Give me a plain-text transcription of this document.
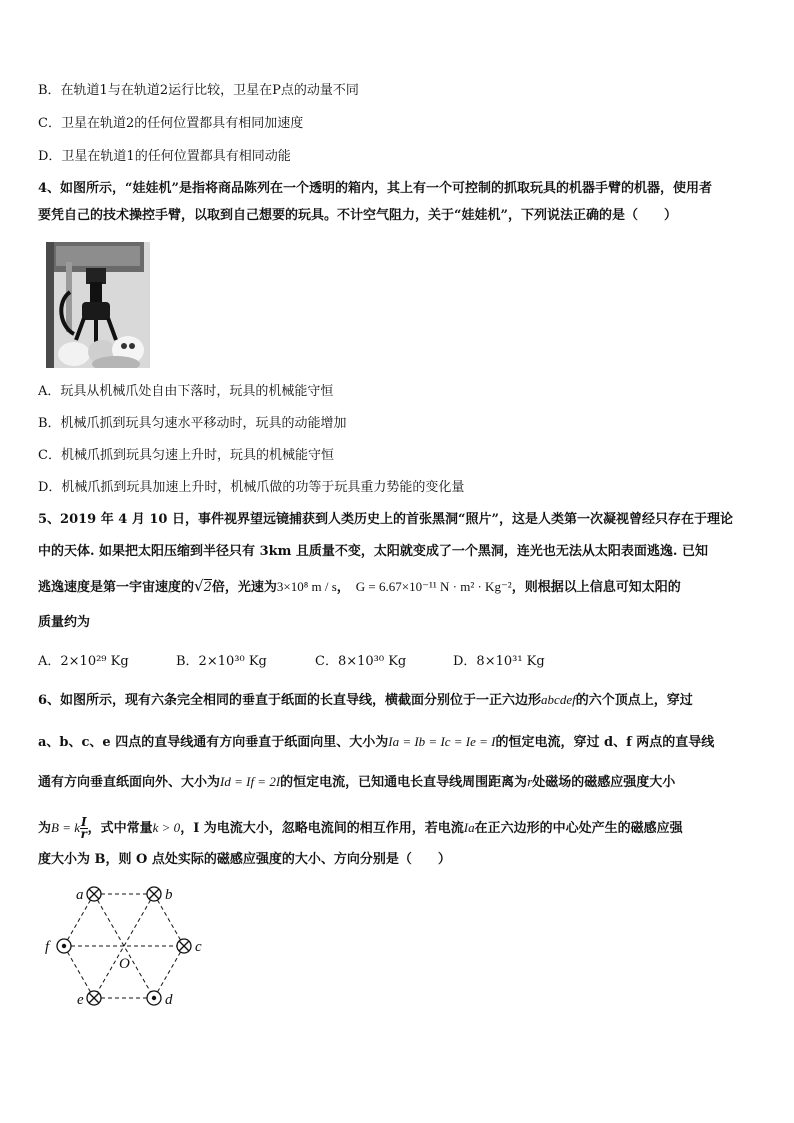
B．在轨道1与在轨道2运行比较，卫星在P点的动量不同
C．卫星在轨道2的任何位置都具有相同加速度
D．卫星在轨道1的任何位置都具有相同动能
4、如图所示，“娃娃机”是指将商品陈列在一个透明的箱内，其上有一个可控制的抓取玩具的机器手臂的机器，使用者
要凭自己的技术操控手臂，以取到自己想要的玩具。不计空气阻力，关于“娃娃机”，下列说法正确的是（　　）
A．玩具从机械爪处自由下落时，玩具的机械能守恒
B．机械爪抓到玩具匀速水平移动时，玩具的动能增加
C．机械爪抓到玩具匀速上升时，玩具的机械能守恒
D．机械爪抓到玩具加速上升时，机械爪做的功等于玩具重力势能的变化量
5、2019 年 4 月 10 日，事件视界望远镜捕获到人类历史上的首张黑洞“照片”，这是人类第一次凝视曾经只存在于理论
中的天体. 如果把太阳压缩到半径只有 3km 且质量不变，太阳就变成了一个黑洞，连光也无法从太阳表面逃逸. 已知
逃逸速度是第一宇宙速度的√2倍，光速为3×10⁸ m / s， G = 6.67×10⁻¹¹ N · m² · Kg⁻²，则根据以上信息可知太阳的
质量约为
A．2×10²⁹ Kg	B．2×10³⁰ Kg	C．8×10³⁰ Kg	D．8×10³¹ Kg
6、如图所示，现有六条完全相同的垂直于纸面的长直导线，横截面分别位于一正六边形abcdef的六个顶点上，穿过
a、b、c、e 四点的直导线通有方向垂直于纸面向里、大小为Ia = Ib = Ic = Ie = I的恒定电流，穿过 d、f 两点的直导线
通有方向垂直纸面向外、大小为Id = If = 2I的恒定电流，已知通电长直导线周围距离为r处磁场的磁感应强度大小
为B = k $\frac{I}{r}$ ，式中常量k > 0，I 为电流大小，忽略电流间的相互作用，若电流Ia在正六边形的中心处产生的磁感应强
度大小为 B，则 O 点处实际的磁感应强度的大小、方向分别是（　　）
a	b
c
d
e
f
O
